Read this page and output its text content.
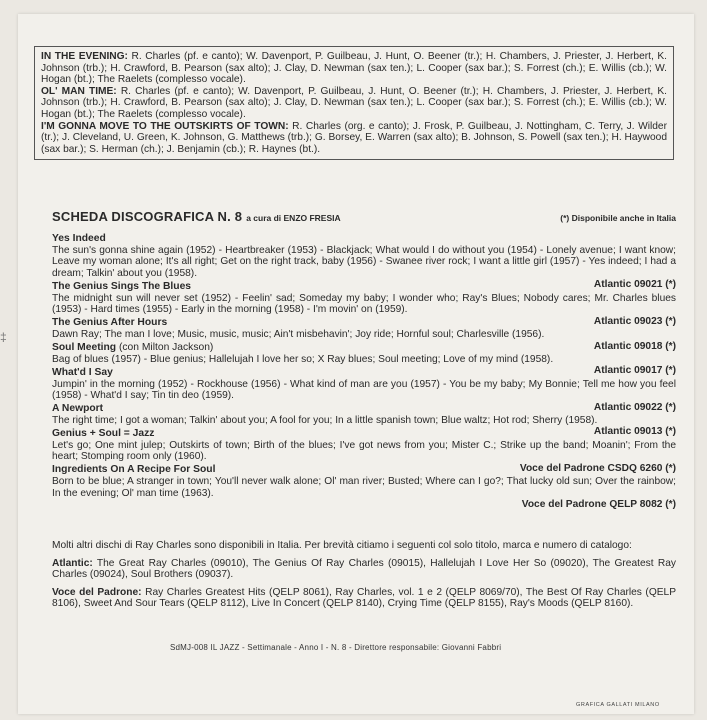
‡

IN THE EVENING: R. Charles (pf. e canto); W. Davenport, P. Guilbeau, J. Hunt, O. Beener (tr.); H. Chambers, J. Priester, J. Herbert, K. Johnson (trb.); H. Crawford, B. Pearson (sax alto); J. Clay, D. Newman (sax ten.); L. Cooper (sax bar.); S. Forrest (ch.); E. Willis (cb.); W. Hogan (bt.); The Raelets (complesso vocale).

OL' MAN TIME: R. Charles (pf. e canto); W. Davenport, P. Guilbeau, J. Hunt, O. Beener (tr.); H. Chambers, J. Priester, J. Herbert, K. Johnson (trb.); H. Crawford, B. Pearson (sax alto); J. Clay, D. Newman (sax ten.); L. Cooper (sax bar.); S. Forrest (ch.); E. Willis (cb.); W. Hogan (bt.); The Raelets (complesso vocale).

I'M GONNA MOVE TO THE OUTSKIRTS OF TOWN: R. Charles (org. e canto); J. Frosk, P. Guilbeau, J. Nottingham, C. Terry, J. Wilder (tr.); J. Cleveland, U. Green, K. Johnson, G. Matthews (trb.); G. Borsey, E. Warren (sax alto); B. Johnson, S. Powell (sax ten.); H. Haywood (sax bar.); S. Herman (ch.); J. Benjamin (cb.); R. Haynes (bt.).

SCHEDA DISCOGRAFICA N. 8 a cura di ENZO FRESIA	(*) Disponibile anche in Italia
Yes Indeed
The sun's gonna shine again (1952) - Heartbreaker (1953) - Blackjack; What would I do without you (1954) - Lonely avenue; I want know; Leave my woman alone; It's all right; Get on the right track, baby (1956) - Swanee river rock; I want a little girl (1957) - Yes indeed; I had a dream; Talkin' about you (1958).
Atlantic 09021 (*)
The Genius Sings The Blues
The midnight sun will never set (1952) - Feelin' sad; Someday my baby; I wonder who; Ray's Blues; Nobody cares; Mr. Charles blues (1953) - Hard times (1955) - Early in the morning (1958) - I'm movin' on (1959).
Atlantic 09023 (*)
The Genius After Hours
Dawn Ray; The man I love; Music, music, music; Ain't misbehavin'; Joy ride; Hornful soul; Charlesville (1956).
Atlantic 09018 (*)
Soul Meeting (con Milton Jackson)
Bag of blues (1957) - Blue genius; Hallelujah I love her so; X Ray blues; Soul meeting; Love of my mind (1958).
Atlantic 09017 (*)
What'd I Say
Jumpin' in the morning (1952) - Rockhouse (1956) - What kind of man are you (1957) - You be my baby; My Bonnie; Tell me how you feel (1958) - What'd I say; Tin tin deo (1959).
Atlantic 09022 (*)
A Newport
The right time; I got a woman; Talkin' about you; A fool for you; In a little spanish town; Blue waltz; Hot rod; Sherry (1958).
Atlantic 09013 (*)
Genius + Soul = Jazz
Let's go; One mint julep; Outskirts of town; Birth of the blues; I've got news from you; Mister C.; Strike up the band; Moanin'; From the heart; Stomping room only (1960).
Voce del Padrone CSDQ 6260 (*)
Ingredients On A Recipe For Soul
Born to be blue; A stranger in town; You'll never walk alone; Ol' man river; Busted; Where can I go?; That lucky old sun; Over the rainbow; In the evening; Ol' man time (1963).
Voce del Padrone QELP 8082 (*)

Molti altri dischi di Ray Charles sono disponibili in Italia. Per brevità citiamo i seguenti col solo titolo, marca e numero di catalogo:

Atlantic: The Great Ray Charles (09010), The Genius Of Ray Charles (09015), Hallelujah I Love Her So (09020), The Greatest Ray Charles (09024), Soul Brothers (09037).

Voce del Padrone: Ray Charles Greatest Hits (QELP 8061), Ray Charles, vol. 1 e 2 (QELP 8069/70), The Best Of Ray Charles (QELP 8106), Sweet And Sour Tears (QELP 8112), Live In Concert (QELP 8140), Crying Time (QELP 8155), Ray's Moods (QELP 8160).

SdMJ-008 IL JAZZ - Settimanale - Anno I - N. 8 - Direttore responsabile: Giovanni Fabbri
GRAFICA GALLATI MILANO
